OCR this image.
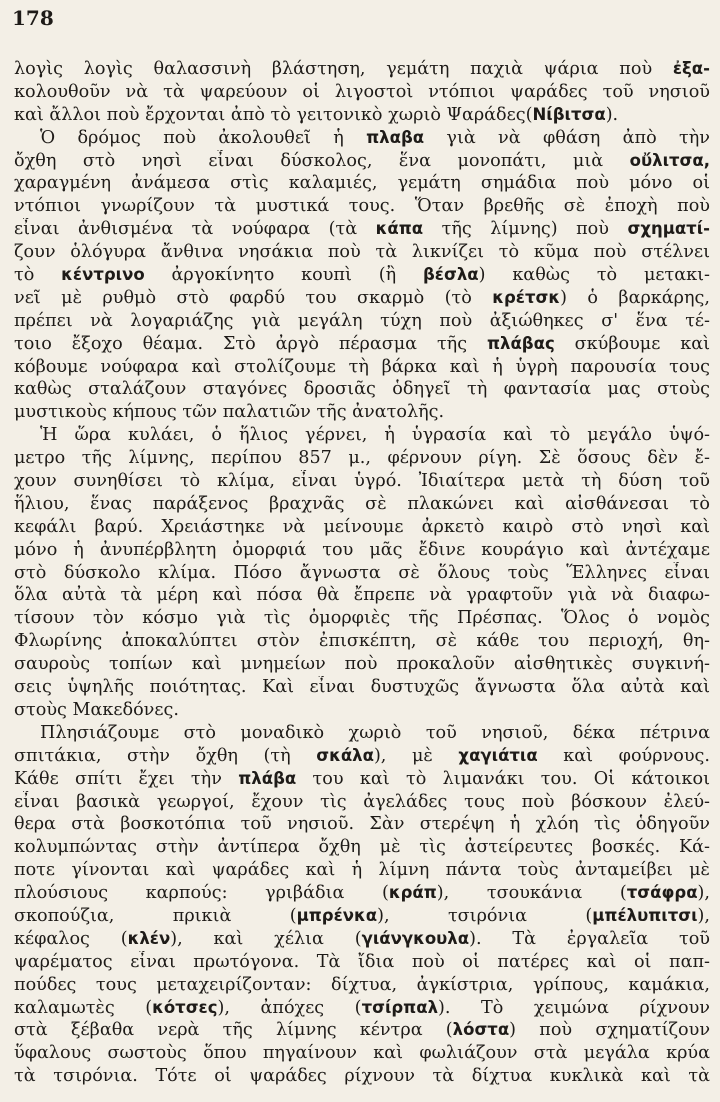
178
λογὶς λογὶς θαλασσινὴ βλάστηση, γεμάτη παχιὰ ψάρια ποὺ ἐξα-
κολουθοῦν νὰ τὰ ψαρεύουν οἱ λιγοστοὶ ντόπιοι ψαράδες τοῦ νησιοῦ
καὶ ἄλλοι ποὺ ἔρχονται ἀπὸ τὸ γειτονικὸ χωριὸ Ψαράδες(Νίβιτσα).
Ὁ δρόμος ποὺ ἀκολουθεῖ ἡ πλαβα γιὰ νὰ φθάση ἀπὸ τὴν
ὄχθη στὸ νησὶ εἶναι δύσκολος, ἕνα μονοπάτι, μιὰ οὔλιτσα,
χαραγμένη ἀνάμεσα στὶς καλαμιές, γεμάτη σημάδια ποὺ μόνο οἱ
ντόπιοι γνωρίζουν τὰ μυστικά τους. Ὅταν βρεθῆς σὲ ἐποχὴ ποὺ
εἶναι ἀνθισμένα τὰ νούφαρα (τὰ κάπα τῆς λίμνης) ποὺ σχηματί-
ζουν ὁλόγυρα ἄνθινα νησάκια ποὺ τὰ λικνίζει τὸ κῦμα ποὺ στέλνει
τὸ κέντρινο ἀργοκίνητο κουπὶ (ἢ βέσλα) καθὼς τὸ μετακι-
νεῖ μὲ ρυθμὸ στὸ φαρδύ του σκαρμὸ (τὸ κρέτσκ) ὁ βαρκάρης,
πρέπει νὰ λογαριάζης γιὰ μεγάλη τύχη ποὺ ἀξιώθηκες σ' ἕνα τέ-
τοιο ἔξοχο θέαμα. Στὸ ἀργὸ πέρασμα τῆς πλάβας σκύβουμε καὶ
κόβουμε νούφαρα καὶ στολίζουμε τὴ βάρκα καὶ ἡ ὑγρὴ παρουσία τους
καθὼς σταλάζουν σταγόνες δροσιᾶς ὁδηγεῖ τὴ φαντασία μας στοὺς
μυστικοὺς κήπους τῶν παλατιῶν τῆς ἀνατολῆς.
Ἡ ὥρα κυλάει, ὁ ἥλιος γέρνει, ἡ ὑγρασία καὶ τὸ μεγάλο ὑψό-
μετρο τῆς λίμνης, περίπου 857 μ., φέρνουν ρίγη. Σὲ ὅσους δὲν ἔ-
χουν συνηθίσει τὸ κλίμα, εἶναι ὑγρό. Ἰδιαίτερα μετὰ τὴ δύση τοῦ
ἥλιου, ἕνας παράξενος βραχνᾶς σὲ πλακώνει καὶ αἰσθάνεσαι τὸ
κεφάλι βαρύ. Χρειάστηκε νὰ μείνουμε ἀρκετὸ καιρὸ στὸ νησὶ καὶ
μόνο ἡ ἀνυπέρβλητη ὀμορφιά του μᾶς ἔδινε κουράγιο καὶ ἀντέχαμε
στὸ δύσκολο κλίμα. Πόσο ἄγνωστα σὲ ὅλους τοὺς Ἕλληνες εἶναι
ὅλα αὐτὰ τὰ μέρη καὶ πόσα θὰ ἔπρεπε νὰ γραφτοῦν γιὰ νὰ διαφω-
τίσουν τὸν κόσμο γιὰ τὶς ὀμορφιὲς τῆς Πρέσπας. Ὅλος ὁ νομὸς
Φλωρίνης ἀποκαλύπτει στὸν ἐπισκέπτη, σὲ κάθε του περιοχή, θη-
σαυροὺς τοπίων καὶ μνημείων ποὺ προκαλοῦν αἰσθητικὲς συγκινή-
σεις ὑψηλῆς ποιότητας. Καὶ εἶναι δυστυχῶς ἄγνωστα ὅλα αὐτὰ καὶ
στοὺς Μακεδόνες.
Πλησιάζουμε στὸ μοναδικὸ χωριὸ τοῦ νησιοῦ, δέκα πέτρινα
σπιτάκια, στὴν ὄχθη (τὴ σκάλα), μὲ χαγιάτια καὶ φούρνους.
Κάθε σπίτι ἔχει τὴν πλάβα του καὶ τὸ λιμανάκι του. Οἱ κάτοικοι
εἶναι βασικὰ γεωργοί, ἔχουν τὶς ἀγελάδες τους ποὺ βόσκουν ἐλεύ-
θερα στὰ βοσκοτόπια τοῦ νησιοῦ. Σὰν στερέψη ἡ χλόη τὶς ὁδηγοῦν
κολυμπώντας στὴν ἀντίπερα ὄχθη μὲ τὶς ἀστείρευτες βοσκές. Κά-
ποτε γίνονται καὶ ψαράδες καὶ ἡ λίμνη πάντα τοὺς ἀνταμείβει μὲ
πλούσιους καρπούς: γριβάδια (κράπ), τσουκάνια (τσάφρα),
σκοπούζια, πρικιὰ (μπρένκα), τσιρόνια (μπέλυπιτσι),
κέφαλος (κλέν), καὶ χέλια (γιάνγκουλα). Τὰ ἐργαλεῖα τοῦ
ψαρέματος εἶναι πρωτόγονα. Τὰ ἴδια ποὺ οἱ πατέρες καὶ οἱ παπ-
πούδες τους μεταχειρίζονταν: δίχτυα, ἀγκίστρια, γρίπους, καμάκια,
καλαμωτὲς (κότσες), ἀπόχες (τσίρπαλ). Τὸ χειμώνα ρίχνουν
στὰ ξέβαθα νερὰ τῆς λίμνης κέντρα (λόστα) ποὺ σχηματίζουν
ὕφαλους σωστοὺς ὅπου πηγαίνουν καὶ φωλιάζουν στὰ μεγάλα κρύα
τὰ τσιρόνια. Τότε οἱ ψαράδες ρίχνουν τὰ δίχτυα κυκλικὰ καὶ τὰ
